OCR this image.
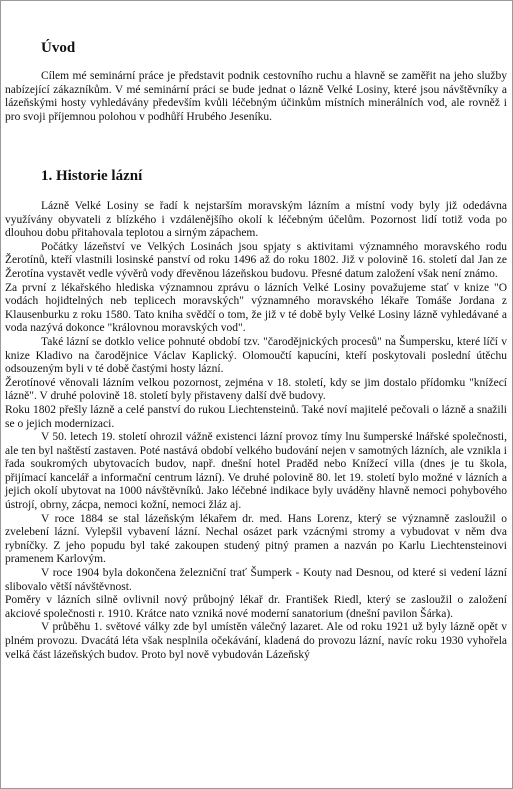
Úvod

Cílem mé seminární práce je představit podnik cestovního ruchu a hlavně se zaměřit na jeho služby nabízející zákazníkům. V mé seminární práci se bude jednat o lázně Velké Losiny, které jsou návštěvníky a lázeňskými hosty vyhledávány především kvůli léčebným účinkům místních minerálních vod, ale rovněž i pro svoji příjemnou polohou v podhůří Hrubého Jeseníku.

1. Historie lázní

Lázně Velké Losiny se řadí k nejstarším moravským lázním a místní vody byly již odedávna využívány obyvateli z blízkého i vzdálenějšího okolí k léčebným účelům. Pozornost lidí totiž voda po dlouhou dobu přitahovala teplotou a sirným zápachem.

Počátky lázeňství ve Velkých Losinách jsou spjaty s aktivitami významného moravského rodu Žerotínů, kteří vlastnili losinské panství od roku 1496 až do roku 1802. Již v polovině 16. století dal Jan ze Žerotína vystavět vedle vývěrů vody dřevěnou lázeňskou budovu. Přesné datum založení však není známo.

Za první z lékařského hlediska významnou zprávu o lázních Velké Losiny považujeme stať v knize "O vodách hojidtelných neb teplicech moravských" významného moravského lékaře Tomáše Jordana z Klausenburku z roku 1580. Tato kniha svědčí o tom, že již v té době byly Velké Losiny lázně vyhledávané a voda nazývá dokonce "královnou moravských vod".

Také lázní se dotklo velice pohnuté období tzv. "čarodějnických procesů" na Šumpersku, které líčí v knize Kladivo na čarodějnice Václav Kaplický. Olomoučtí kapucíni, kteří poskytovali poslední útěchu odsouzeným byli v té době častými hosty lázní.

Žerotínové věnovali lázním velkou pozornost, zejména v 18. století, kdy se jim dostalo přídomku "knížecí lázně". V druhé polovině 18. století byly přistaveny další dvě budovy.

Roku 1802 přešly lázně a celé panství do rukou Liechtensteinů. Také noví majitelé pečovali o lázně a snažili se o jejich modernizaci.

V 50. letech 19. století ohrozil vážně existenci lázní provoz tímy lnu šumperské lnářské společnosti, ale ten byl naštěstí zastaven. Poté nastává období velkého budování nejen v samotných lázních, ale vznikla i řada soukromých ubytovacích budov, např. dnešní hotel Praděd nebo Knížecí villa (dnes je tu škola, přijímací kancelář a informační centrum lázní). Ve druhé polovině 80. let 19. století bylo možné v lázních a jejich okolí ubytovat na 1000 návštěvníků. Jako léčebné indikace byly uváděny hlavně nemoci pohybového ústrojí, obrny, zácpa, nemoci kožní, nemoci žláz aj.

V roce 1884 se stal lázeňským lékařem dr. med. Hans Lorenz, který se významně zasloužil o zvelebení lázní. Vylepšil vybavení lázní. Nechal osázet park vzácnými stromy a vybudovat v něm dva rybníčky. Z jeho popudu byl také zakoupen studený pitný pramen a nazván po Karlu Liechtensteinovi pramenem Karlovým.

V roce 1904 byla dokončena železniční trať Šumperk - Kouty nad Desnou, od které si vedení lázní slibovalo větší návštěvnost.

Poměry v lázních silně ovlivnil nový průbojný lékař dr. František Riedl, který se zasloužil o založení akciové společnosti r. 1910. Krátce nato vzniká nové moderní sanatorium (dnešní pavilon Šárka).

V průběhu 1. světové války zde byl umístěn válečný lazaret. Ale od roku 1921 už byly lázně opět v plném provozu. Dvacátá léta však nesplnila očekávání, kladená do provozu lázní, navíc roku 1930 vyhořela velká část lázeňských budov. Proto byl nově vybudován Lázeňský
